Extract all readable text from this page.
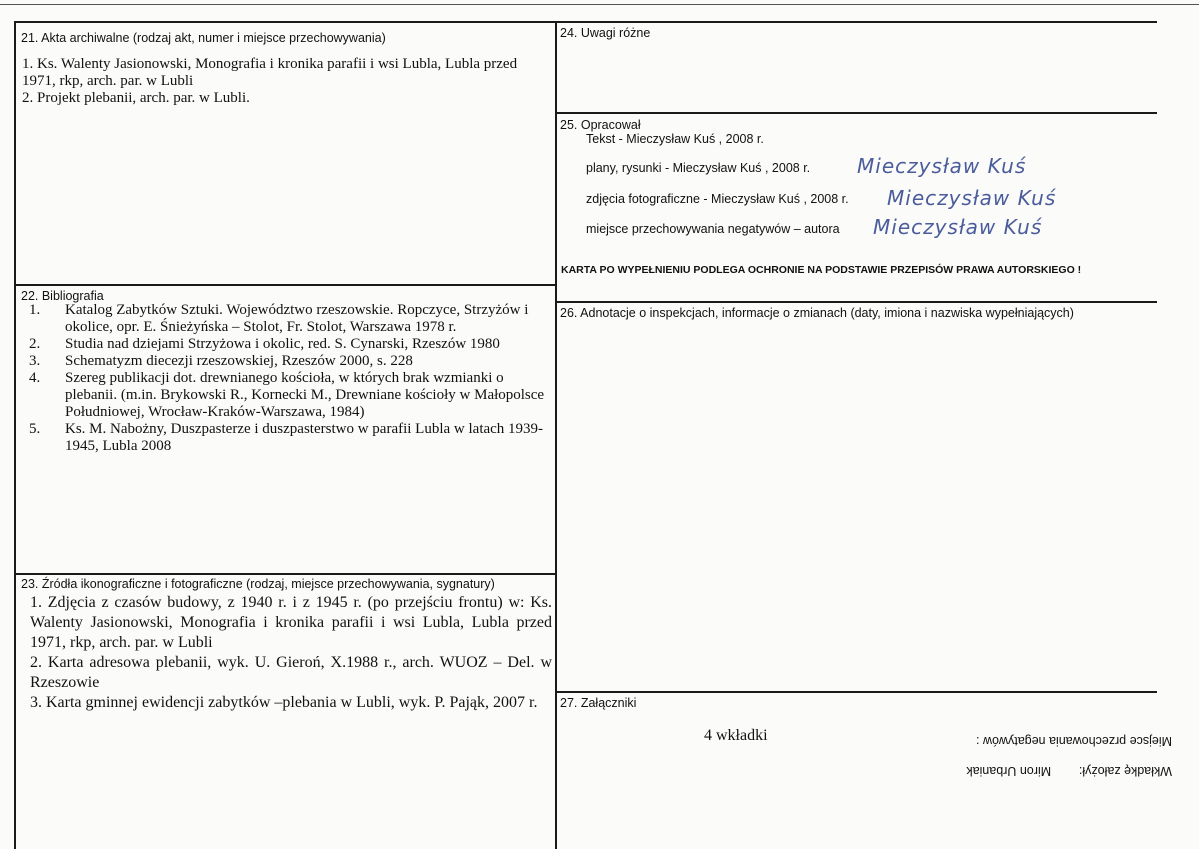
21. Akta archiwalne (rodzaj akt, numer i miejsce przechowywania)
1. Ks. Walenty Jasionowski, Monografia i kronika parafii i wsi Lubla, Lubla przed 1971, rkp, arch. par. w Lubli
2. Projekt plebanii, arch. par. w Lubli.
22. Bibliografia
1. Katalog Zabytków Sztuki. Województwo rzeszowskie. Ropczyce, Strzyżów i okolice, opr. E. Śnieżyńska – Stolot, Fr. Stolot, Warszawa 1978 r.
2. Studia nad dziejami Strzyżowa i okolic, red. S. Cynarski, Rzeszów 1980
3. Schematyzm diecezji rzeszowskiej, Rzeszów 2000, s. 228
4. Szereg publikacji dot. drewnianego kościoła, w których brak wzmianki o plebanii. (m.in. Brykowski R., Kornecki M., Drewniane kościoły w Małopolsce Południowej, Wrocław-Kraków-Warszawa, 1984)
5. Ks. M. Nabożny, Duszpasterze i duszpasterstwo w parafii Lubla w latach 1939-1945, Lubla 2008
23. Źródła ikonograficzne i fotograficzne (rodzaj, miejsce przechowywania, sygnatury)
1. Zdjęcia z czasów budowy, z 1940 r. i z 1945 r. (po przejściu frontu) w: Ks. Walenty Jasionowski, Monografia i kronika parafii i wsi Lubla, Lubla przed 1971, rkp, arch. par. w Lubli
2. Karta adresowa plebanii, wyk. U. Gieroń, X.1988 r., arch. WUOZ – Del. w Rzeszowie
3. Karta gminnej ewidencji zabytków –plebania w Lubli, wyk. P. Pająk, 2007 r.
24. Uwagi różne
25. Opracował
Tekst - Mieczysław Kuś , 2008 r.
plany, rysunki - Mieczysław Kuś , 2008 r. Mieczysław Kuś
zdjęcia fotograficzne - Mieczysław Kuś , 2008 r. Mieczysław Kuś
miejsce przechowywania negatywów – autora Mieczysław Kuś
KARTA PO WYPEŁNIENIU PODLEGA OCHRONIE NA PODSTAWIE PRZEPISÓW PRAWA AUTORSKIEGO !
26. Adnotacje o inspekcjach, informacje o zmianach (daty, imiona i nazwiska wypełniających)
27. Załączniki
4 wkładki	Miejsce przechowania negatywów :
Wkładkę założył:        Miron Urbaniak
